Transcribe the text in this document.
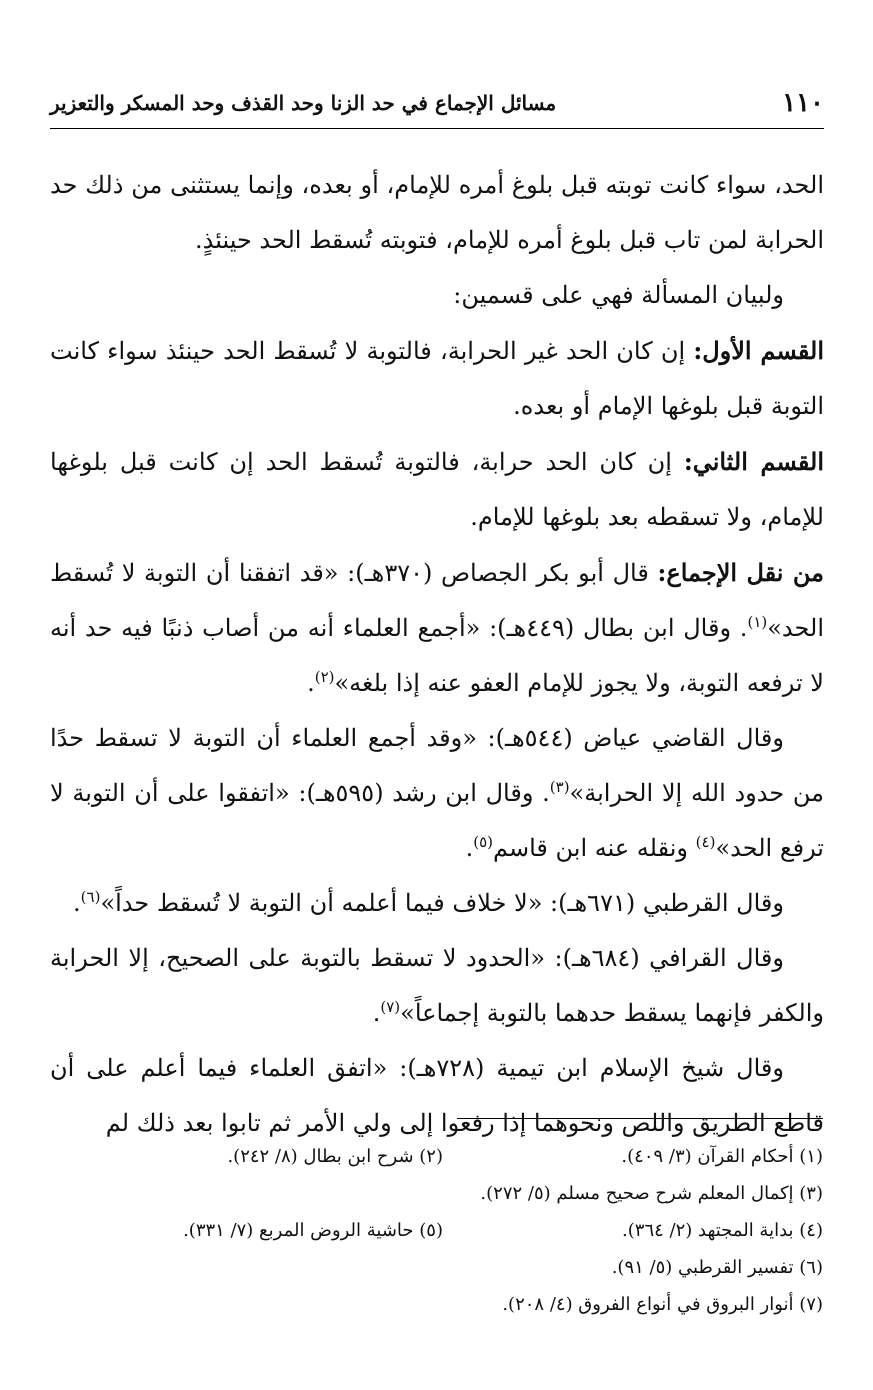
١١٠
مسائل الإجماع في حد الزنا وحد القذف وحد المسكر والتعزير

الحد، سواء كانت توبته قبل بلوغ أمره للإمام، أو بعده، وإنما يستثنى من ذلك حد الحرابة لمن تاب قبل بلوغ أمره للإمام، فتوبته تُسقط الحد حينئذٍ.

ولبيان المسألة فهي على قسمين:

القسم الأول: إن كان الحد غير الحرابة، فالتوبة لا تُسقط الحد حينئذ سواء كانت التوبة قبل بلوغها الإمام أو بعده.

القسم الثاني: إن كان الحد حرابة، فالتوبة تُسقط الحد إن كانت قبل بلوغها للإمام، ولا تسقطه بعد بلوغها للإمام.

من نقل الإجماع: قال أبو بكر الجصاص (٣٧٠هـ): «قد اتفقنا أن التوبة لا تُسقط الحد»$^{(١)}$. وقال ابن بطال (٤٤٩هـ): «أجمع العلماء أنه من أصاب ذنبًا فيه حد أنه لا ترفعه التوبة، ولا يجوز للإمام العفو عنه إذا بلغه»$^{(٢)}$.

وقال القاضي عياض (٥٤٤هـ): «وقد أجمع العلماء أن التوبة لا تسقط حدًا من حدود الله إلا الحرابة»$^{(٣)}$. وقال ابن رشد (٥٩٥هـ): «اتفقوا على أن التوبة لا ترفع الحد»$^{(٤)}$ ونقله عنه ابن قاسم$^{(٥)}$.

وقال القرطبي (٦٧١هـ): «لا خلاف فيما أعلمه أن التوبة لا تُسقط حداً»$^{(٦)}$.

وقال القرافي (٦٨٤هـ): «الحدود لا تسقط بالتوبة على الصحيح، إلا الحرابة والكفر فإنهما يسقط حدهما بالتوبة إجماعاً»$^{(٧)}$.

وقال شيخ الإسلام ابن تيمية (٧٢٨هـ): «اتفق العلماء فيما أعلم على أن قاطع الطريق واللص ونحوهما إذا رفعوا إلى ولي الأمر ثم تابوا بعد ذلك لم

(١) أحكام القرآن (٣/ ٤٠٩).
(٢) شرح ابن بطال (٨/ ٢٤٢).
(٣) إكمال المعلم شرح صحيح مسلم (٥/ ٢٧٢).
(٤) بداية المجتهد (٢/ ٣٦٤).
(٥) حاشية الروض المربع (٧/ ٣٣١).
(٦) تفسير القرطبي (٥/ ٩١).
(٧) أنوار البروق في أنواع الفروق (٤/ ٢٠٨).
